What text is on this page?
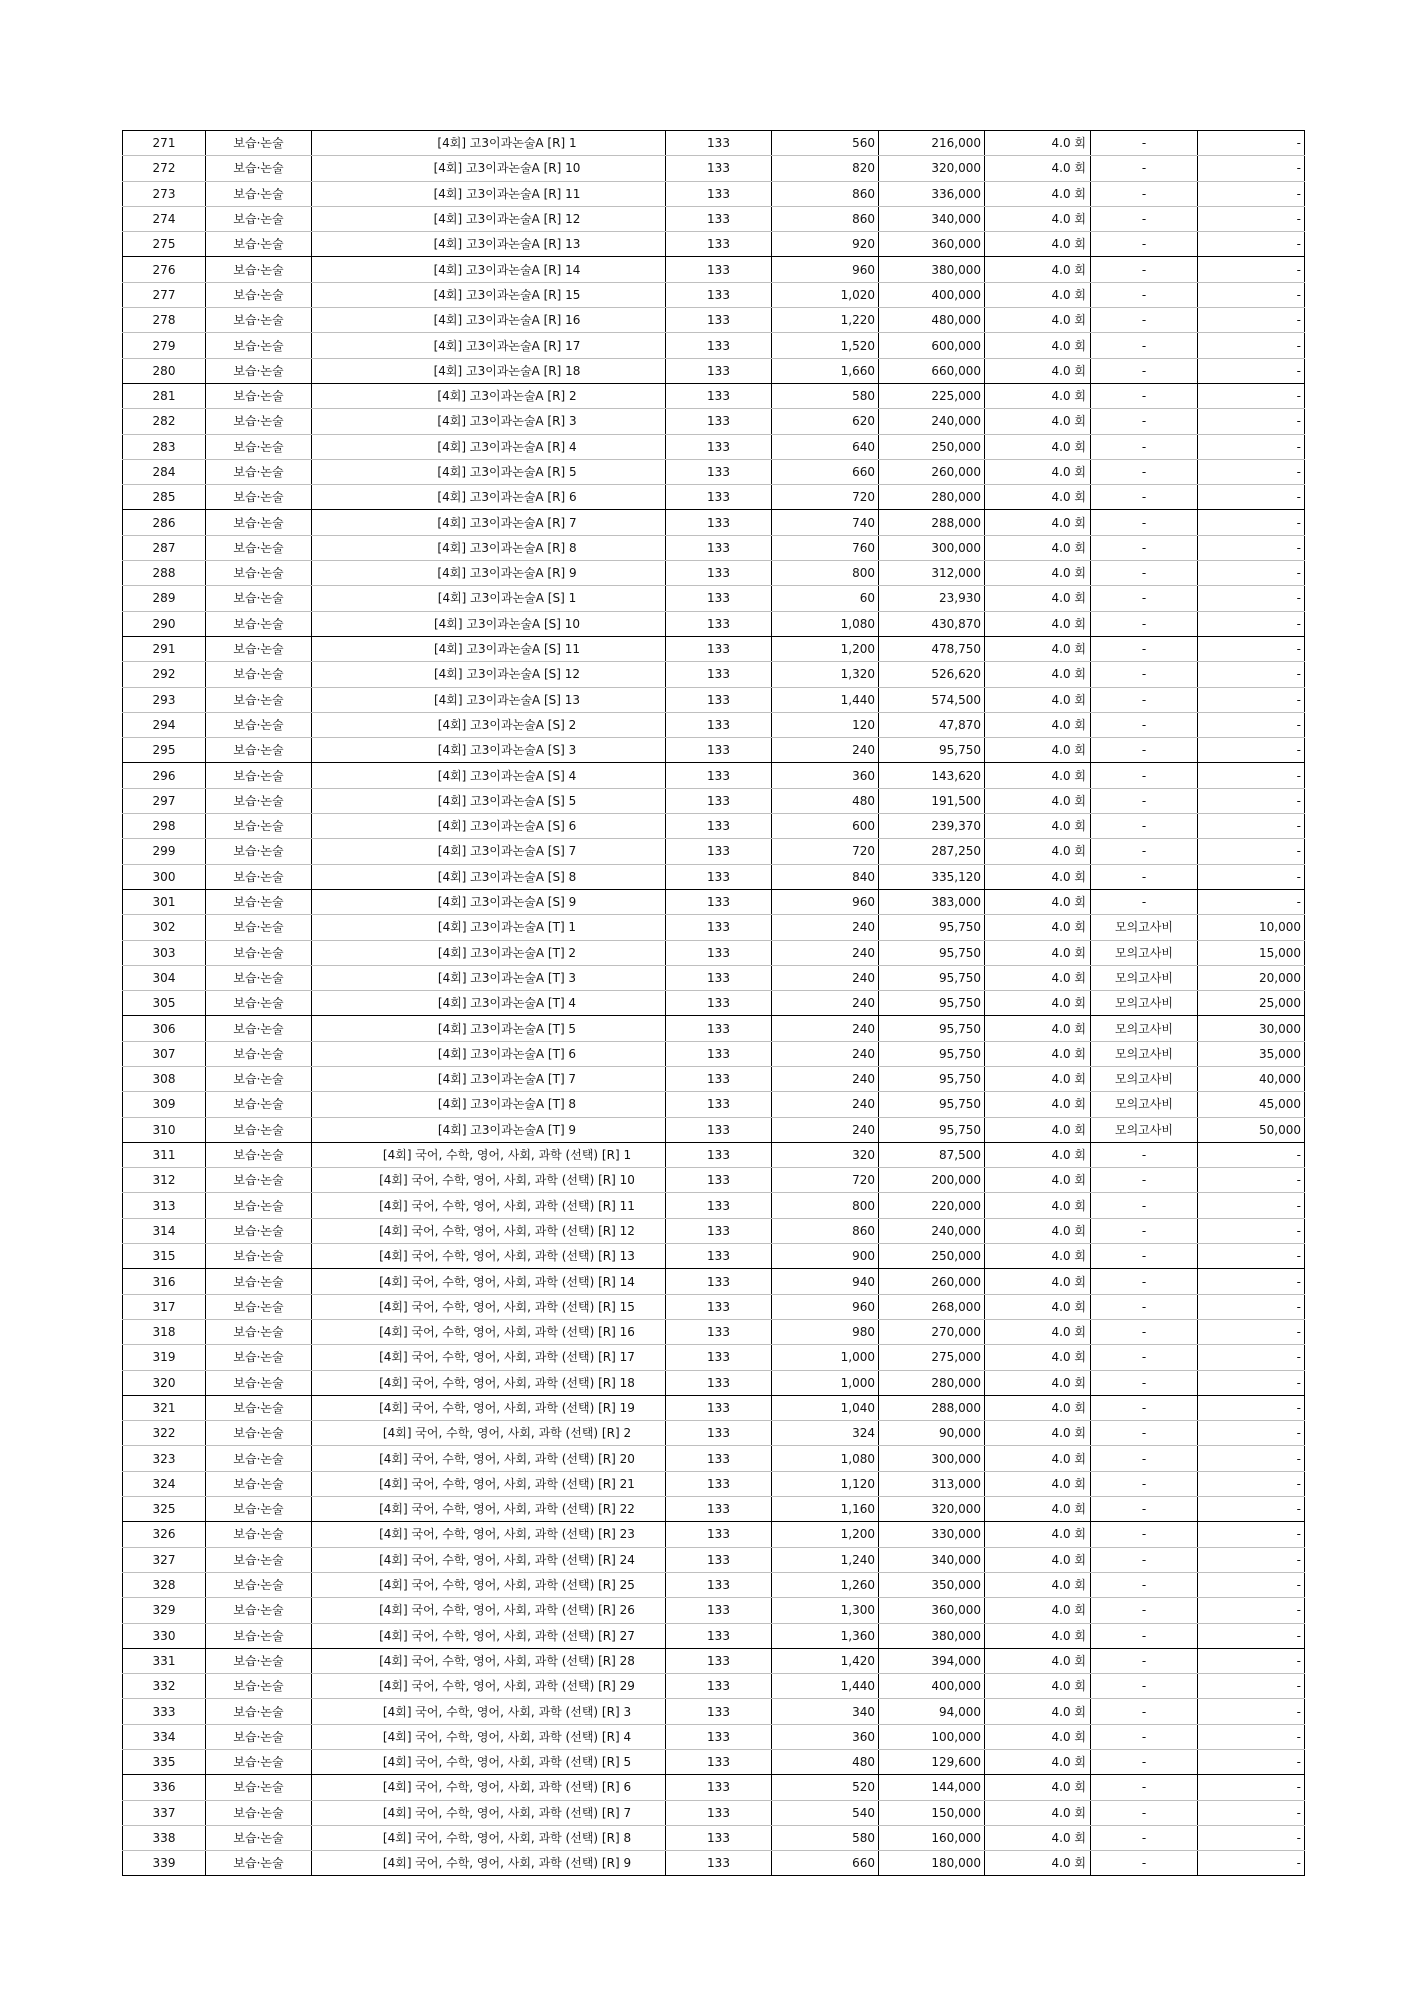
271	보습·논술	[4회] 고3이과논술A [R] 1	133	560	216,000	4.0 회	-	-
272	보습·논술	[4회] 고3이과논술A [R] 10	133	820	320,000	4.0 회	-	-
273	보습·논술	[4회] 고3이과논술A [R] 11	133	860	336,000	4.0 회	-	-
274	보습·논술	[4회] 고3이과논술A [R] 12	133	860	340,000	4.0 회	-	-
275	보습·논술	[4회] 고3이과논술A [R] 13	133	920	360,000	4.0 회	-	-
276	보습·논술	[4회] 고3이과논술A [R] 14	133	960	380,000	4.0 회	-	-
277	보습·논술	[4회] 고3이과논술A [R] 15	133	1,020	400,000	4.0 회	-	-
278	보습·논술	[4회] 고3이과논술A [R] 16	133	1,220	480,000	4.0 회	-	-
279	보습·논술	[4회] 고3이과논술A [R] 17	133	1,520	600,000	4.0 회	-	-
280	보습·논술	[4회] 고3이과논술A [R] 18	133	1,660	660,000	4.0 회	-	-
281	보습·논술	[4회] 고3이과논술A [R] 2	133	580	225,000	4.0 회	-	-
282	보습·논술	[4회] 고3이과논술A [R] 3	133	620	240,000	4.0 회	-	-
283	보습·논술	[4회] 고3이과논술A [R] 4	133	640	250,000	4.0 회	-	-
284	보습·논술	[4회] 고3이과논술A [R] 5	133	660	260,000	4.0 회	-	-
285	보습·논술	[4회] 고3이과논술A [R] 6	133	720	280,000	4.0 회	-	-
286	보습·논술	[4회] 고3이과논술A [R] 7	133	740	288,000	4.0 회	-	-
287	보습·논술	[4회] 고3이과논술A [R] 8	133	760	300,000	4.0 회	-	-
288	보습·논술	[4회] 고3이과논술A [R] 9	133	800	312,000	4.0 회	-	-
289	보습·논술	[4회] 고3이과논술A [S] 1	133	60	23,930	4.0 회	-	-
290	보습·논술	[4회] 고3이과논술A [S] 10	133	1,080	430,870	4.0 회	-	-
291	보습·논술	[4회] 고3이과논술A [S] 11	133	1,200	478,750	4.0 회	-	-
292	보습·논술	[4회] 고3이과논술A [S] 12	133	1,320	526,620	4.0 회	-	-
293	보습·논술	[4회] 고3이과논술A [S] 13	133	1,440	574,500	4.0 회	-	-
294	보습·논술	[4회] 고3이과논술A [S] 2	133	120	47,870	4.0 회	-	-
295	보습·논술	[4회] 고3이과논술A [S] 3	133	240	95,750	4.0 회	-	-
296	보습·논술	[4회] 고3이과논술A [S] 4	133	360	143,620	4.0 회	-	-
297	보습·논술	[4회] 고3이과논술A [S] 5	133	480	191,500	4.0 회	-	-
298	보습·논술	[4회] 고3이과논술A [S] 6	133	600	239,370	4.0 회	-	-
299	보습·논술	[4회] 고3이과논술A [S] 7	133	720	287,250	4.0 회	-	-
300	보습·논술	[4회] 고3이과논술A [S] 8	133	840	335,120	4.0 회	-	-
301	보습·논술	[4회] 고3이과논술A [S] 9	133	960	383,000	4.0 회	-	-
302	보습·논술	[4회] 고3이과논술A [T] 1	133	240	95,750	4.0 회	모의고사비	10,000
303	보습·논술	[4회] 고3이과논술A [T] 2	133	240	95,750	4.0 회	모의고사비	15,000
304	보습·논술	[4회] 고3이과논술A [T] 3	133	240	95,750	4.0 회	모의고사비	20,000
305	보습·논술	[4회] 고3이과논술A [T] 4	133	240	95,750	4.0 회	모의고사비	25,000
306	보습·논술	[4회] 고3이과논술A [T] 5	133	240	95,750	4.0 회	모의고사비	30,000
307	보습·논술	[4회] 고3이과논술A [T] 6	133	240	95,750	4.0 회	모의고사비	35,000
308	보습·논술	[4회] 고3이과논술A [T] 7	133	240	95,750	4.0 회	모의고사비	40,000
309	보습·논술	[4회] 고3이과논술A [T] 8	133	240	95,750	4.0 회	모의고사비	45,000
310	보습·논술	[4회] 고3이과논술A [T] 9	133	240	95,750	4.0 회	모의고사비	50,000
311	보습·논술	[4회] 국어, 수학, 영어, 사회, 과학 (선택) [R] 1	133	320	87,500	4.0 회	-	-
312	보습·논술	[4회] 국어, 수학, 영어, 사회, 과학 (선택) [R] 10	133	720	200,000	4.0 회	-	-
313	보습·논술	[4회] 국어, 수학, 영어, 사회, 과학 (선택) [R] 11	133	800	220,000	4.0 회	-	-
314	보습·논술	[4회] 국어, 수학, 영어, 사회, 과학 (선택) [R] 12	133	860	240,000	4.0 회	-	-
315	보습·논술	[4회] 국어, 수학, 영어, 사회, 과학 (선택) [R] 13	133	900	250,000	4.0 회	-	-
316	보습·논술	[4회] 국어, 수학, 영어, 사회, 과학 (선택) [R] 14	133	940	260,000	4.0 회	-	-
317	보습·논술	[4회] 국어, 수학, 영어, 사회, 과학 (선택) [R] 15	133	960	268,000	4.0 회	-	-
318	보습·논술	[4회] 국어, 수학, 영어, 사회, 과학 (선택) [R] 16	133	980	270,000	4.0 회	-	-
319	보습·논술	[4회] 국어, 수학, 영어, 사회, 과학 (선택) [R] 17	133	1,000	275,000	4.0 회	-	-
320	보습·논술	[4회] 국어, 수학, 영어, 사회, 과학 (선택) [R] 18	133	1,000	280,000	4.0 회	-	-
321	보습·논술	[4회] 국어, 수학, 영어, 사회, 과학 (선택) [R] 19	133	1,040	288,000	4.0 회	-	-
322	보습·논술	[4회] 국어, 수학, 영어, 사회, 과학 (선택) [R] 2	133	324	90,000	4.0 회	-	-
323	보습·논술	[4회] 국어, 수학, 영어, 사회, 과학 (선택) [R] 20	133	1,080	300,000	4.0 회	-	-
324	보습·논술	[4회] 국어, 수학, 영어, 사회, 과학 (선택) [R] 21	133	1,120	313,000	4.0 회	-	-
325	보습·논술	[4회] 국어, 수학, 영어, 사회, 과학 (선택) [R] 22	133	1,160	320,000	4.0 회	-	-
326	보습·논술	[4회] 국어, 수학, 영어, 사회, 과학 (선택) [R] 23	133	1,200	330,000	4.0 회	-	-
327	보습·논술	[4회] 국어, 수학, 영어, 사회, 과학 (선택) [R] 24	133	1,240	340,000	4.0 회	-	-
328	보습·논술	[4회] 국어, 수학, 영어, 사회, 과학 (선택) [R] 25	133	1,260	350,000	4.0 회	-	-
329	보습·논술	[4회] 국어, 수학, 영어, 사회, 과학 (선택) [R] 26	133	1,300	360,000	4.0 회	-	-
330	보습·논술	[4회] 국어, 수학, 영어, 사회, 과학 (선택) [R] 27	133	1,360	380,000	4.0 회	-	-
331	보습·논술	[4회] 국어, 수학, 영어, 사회, 과학 (선택) [R] 28	133	1,420	394,000	4.0 회	-	-
332	보습·논술	[4회] 국어, 수학, 영어, 사회, 과학 (선택) [R] 29	133	1,440	400,000	4.0 회	-	-
333	보습·논술	[4회] 국어, 수학, 영어, 사회, 과학 (선택) [R] 3	133	340	94,000	4.0 회	-	-
334	보습·논술	[4회] 국어, 수학, 영어, 사회, 과학 (선택) [R] 4	133	360	100,000	4.0 회	-	-
335	보습·논술	[4회] 국어, 수학, 영어, 사회, 과학 (선택) [R] 5	133	480	129,600	4.0 회	-	-
336	보습·논술	[4회] 국어, 수학, 영어, 사회, 과학 (선택) [R] 6	133	520	144,000	4.0 회	-	-
337	보습·논술	[4회] 국어, 수학, 영어, 사회, 과학 (선택) [R] 7	133	540	150,000	4.0 회	-	-
338	보습·논술	[4회] 국어, 수학, 영어, 사회, 과학 (선택) [R] 8	133	580	160,000	4.0 회	-	-
339	보습·논술	[4회] 국어, 수학, 영어, 사회, 과학 (선택) [R] 9	133	660	180,000	4.0 회	-	-
